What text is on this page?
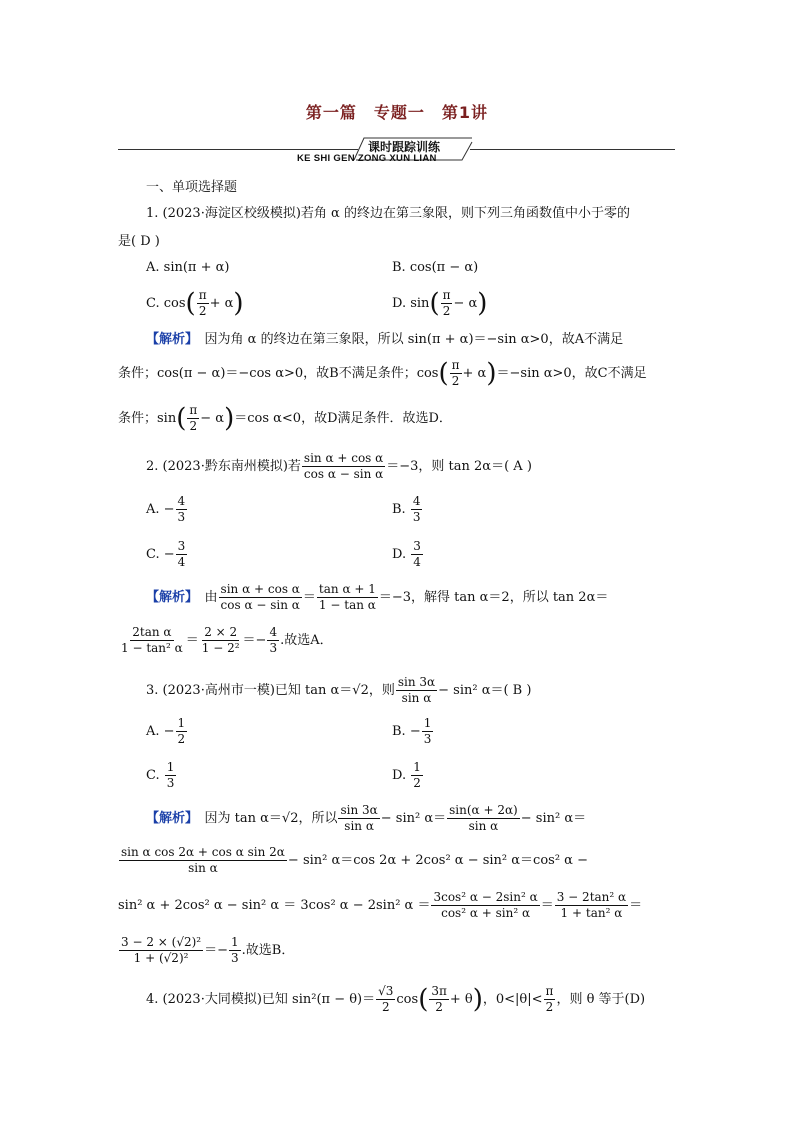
第一篇　专题一　第1讲
课时跟踪训练
KE SHI GEN ZONG XUN LIAN
一、单项选择题
1. (2023·海淀区校级模拟)若角 α 的终边在第三象限，则下列三角函数值中小于零的
是( D )
A. sin(π + α)	B. cos(π − α)
C. $\cos( \frac{\pi}{2} + \alpha)$	D. $\sin( \frac{\pi}{2} - \alpha)$
【解析】　 因为角 α 的终边在第三象限，所以 sin(π + α)＝−sin α>0，故A不满足
条件；cos(π − α)＝−cos α>0，故B不满足条件；$\cos( \frac{\pi}{2} + \alpha)=-\sin$ α>0，故C不满足
条件；$\sin( \frac{\pi}{2} - \alpha)=\cos$ α<0，故D满足条件．故选D．
2. (2023·黔东南州模拟)若 $\frac{\text{sin α + cos α}}{\text{cos α − sin α}} =-3$，则 tan 2α＝( A )
A. − $\frac{4}{3}$	B. $\frac{4}{3}$
C. − $\frac{3}{4}$	D. $\frac{3}{4}$
【解析】　 由 $\frac{\text{sin α + cos α}}{\text{cos α − sin α}} = \frac{\text{tan α + 1}}{\text{1 − tan α}} =-3$，解得 tan α＝2，所以 tan 2α＝
$\frac{\text{2tan α}}{\text{1 − tan² α}} = \frac{2 \times 2}{\text{1 − 2²}} =- \frac{4}{3}$ .故选A．
3. (2023·高州市一模)已知 tan α＝√2，则 $\frac{\sin 3\alpha}{\text{sin α}} - \sin^2$ α＝( B )
A. − $\frac{1}{2}$	B. − $\frac{1}{3}$
C. $\frac{1}{3}$	D. $\frac{1}{2}$
【解析】　 因为 tan α＝√2，所以 $\frac{\sin 3\alpha}{\text{sin α}} - \sin^2$ $\alpha= \frac{\sin(\alpha + 2\alpha)}{\text{sin α}} - \sin^2$ α＝
$\frac{\text{sin α cos 2α + cos α sin 2α}}{\text{sin α}} - \sin^2$ α＝cos 2α + 2cos² α − sin² α＝cos² α −
sin² α + 2cos² α − sin² α ＝ 3cos² α − 2sin² $\alpha = \frac{\text{3cos² α − 2sin² α}}{\text{cos² α + sin² α}} = \frac{\text{3 − 2tan² α}}{\text{1 + tan² α}}$ ＝
$\frac{\text{3 − 2 × (√2)²}}{\text{1 + (√2)²}} =- \frac{1}{3}$ .故选B．
4. (2023·大同模拟)已知 $\sin^2(\pi - \theta)= \frac{√3}{2} \cos( \frac{3\pi}{2} + \theta)$，$0<|\theta|< \frac{\pi}{2}$ ，则 θ 等于(D)
